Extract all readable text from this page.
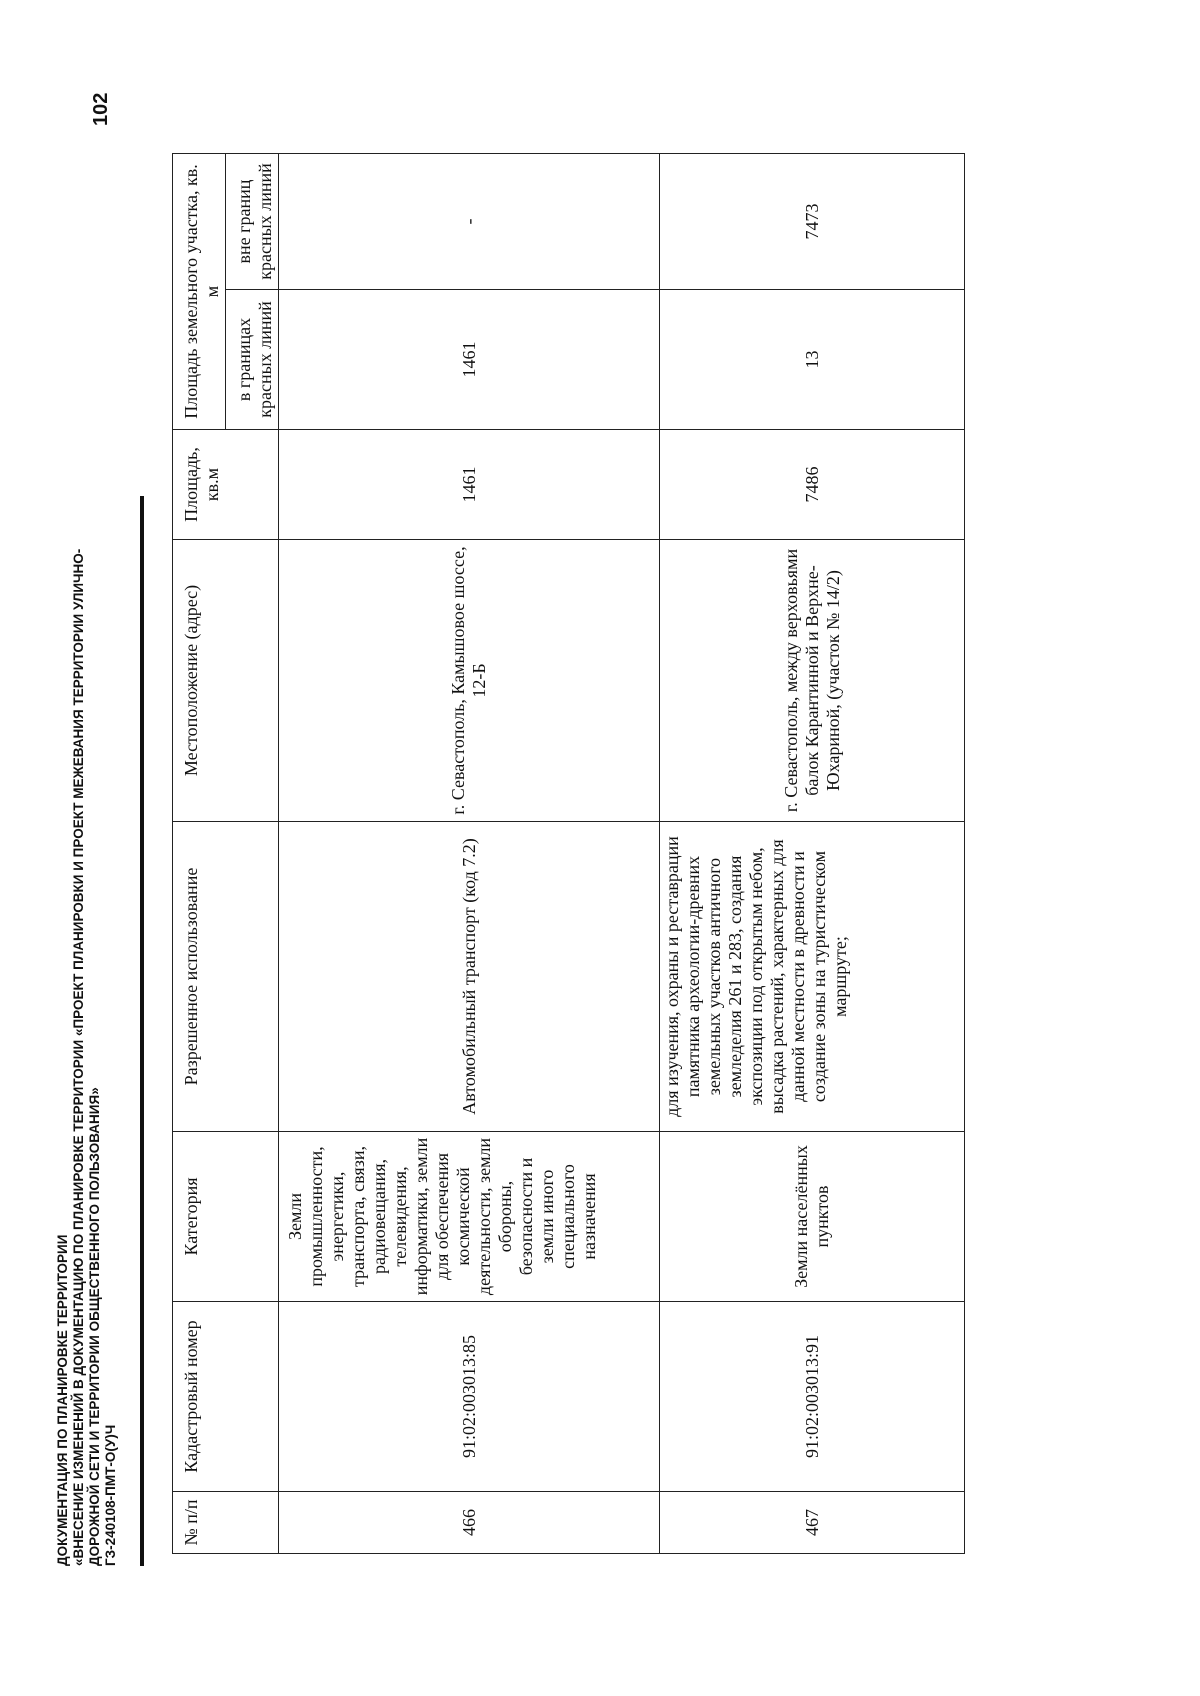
ДОКУМЕНТАЦИЯ ПО ПЛАНИРОВКЕ ТЕРРИТОРИИ «ВНЕСЕНИЕ ИЗМЕНЕНИЙ В ДОКУМЕНТАЦИЮ ПО ПЛАНИРОВКЕ ТЕРРИТОРИИ «ПРОЕКТ ПЛАНИРОВКИ И ПРОЕКТ МЕЖЕВАНИЯ ТЕРРИТОРИИ УЛИЧНО- ДОРОЖНОЙ СЕТИ И ТЕРРИТОРИИ ОБЩЕСТВЕННОГО ПОЛЬЗОВАНИЯ» ГЗ-240108-ПМТ-О(У)Ч
102
№ п/п	Кадастровый номер	Категория	Разрешенное использование	Местоположение (адрес)	Площадь, кв.м	Площадь земельного участка, кв. м	
						в границах красных линий	вне границ красных линий
466	91:02:003013:85	Земли промышленности, энергетики, транспорта, связи, радиовещания, телевидения, информатики, земли для обеспечения космической деятельности, земли обороны, безопасности и земли иного специального назначения	Автомобильный транспорт (код 7.2)	г. Севастополь, Камышовое шоссе, 12-Б	1461	1461	-
467	91:02:003013:91	Земли населённых пунктов	для изучения, охраны и реставрации памятника археологии-древних земельных участков античного земледелия 261 и 283, создания экспозиции под открытым небом, высадка растений, характерных для данной местности в древности и создание зоны на туристическом маршруте;	г. Севастополь, между верховьями балок Карантинной и Верхне-Юхариной, (участок № 14/2)	7486	13	7473
